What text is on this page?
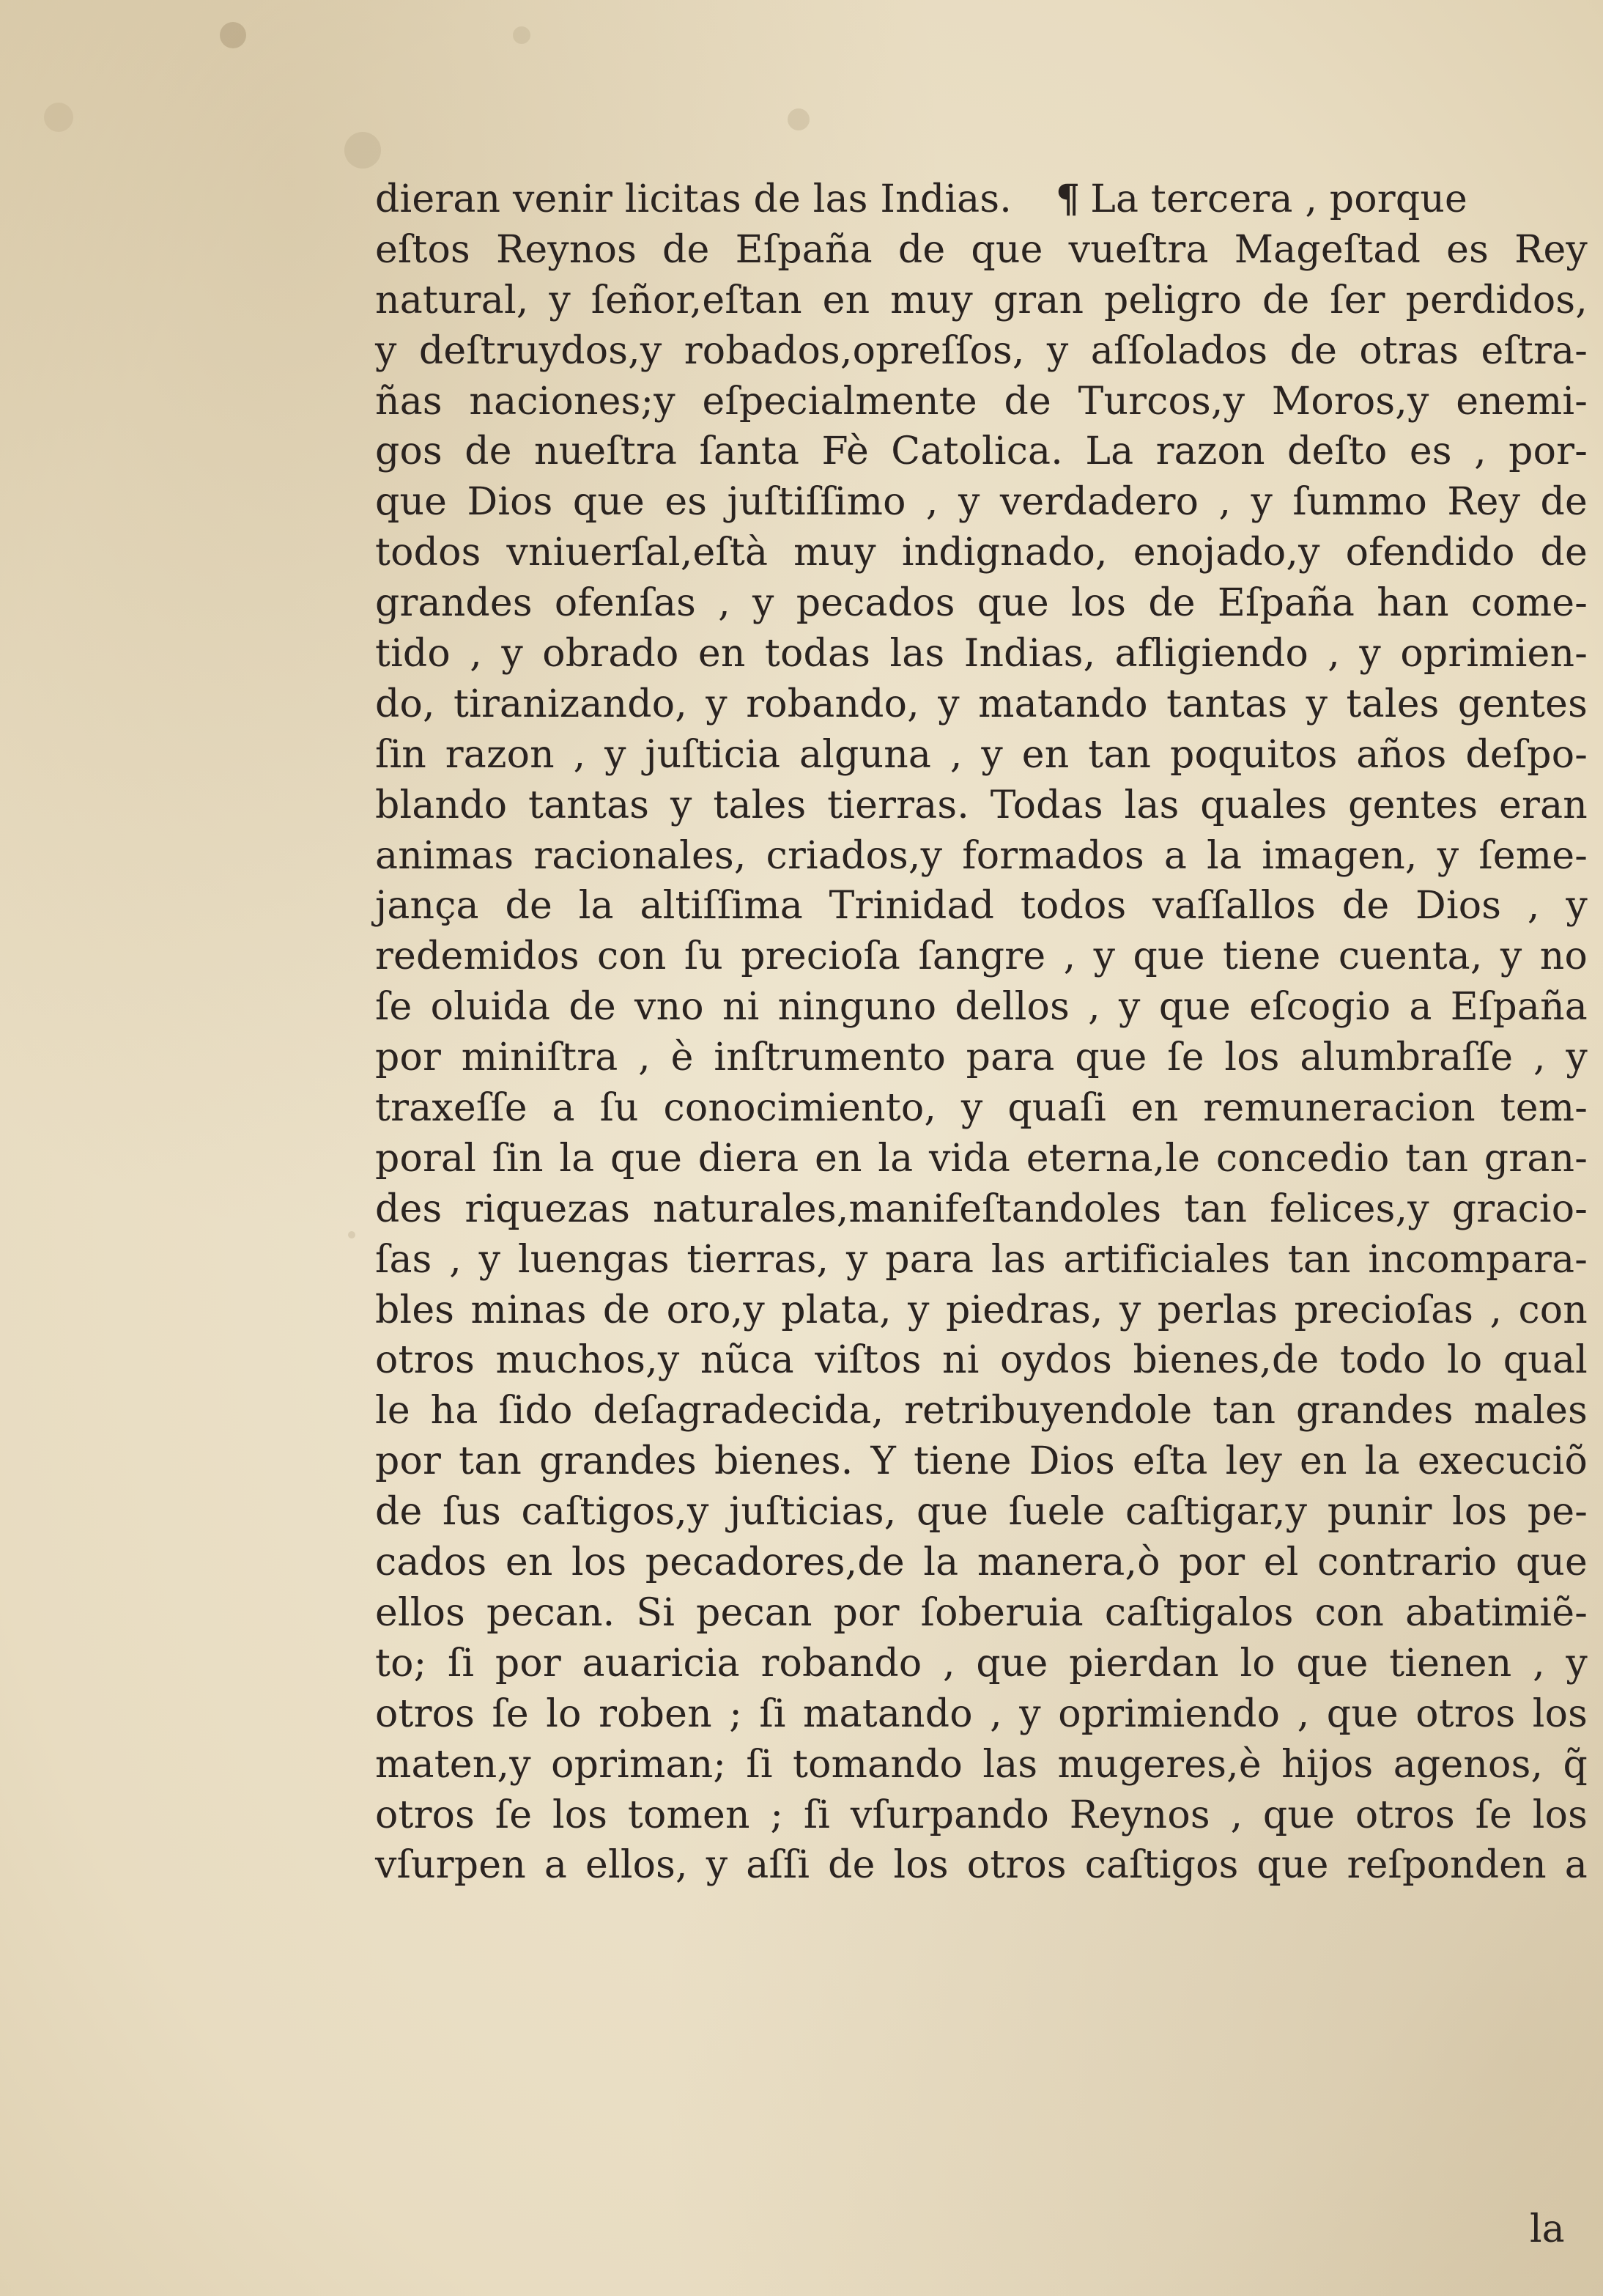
dieran venir licitas de las Indias. ¶ La tercera , porque
eſtos Reynos de Eſpaña de que vueſtra Mageſtad es Rey
natural, y ſeñor,eſtan en muy gran peligro de ſer perdidos,
y deſtruydos,y robados,opreſſos, y aſſolados de otras eſtra-
ñas naciones;y eſpecialmente de Turcos,y Moros,y enemi-
gos de nueſtra ſanta Fè Catolica. La razon deſto es , por-
que Dios que es juſtiſſimo , y verdadero , y ſummo Rey de
todos vniuerſal,eſtà muy indignado, enojado,y ofendido de
grandes ofenſas , y pecados que los de Eſpaña han come-
tido , y obrado en todas las Indias, afligiendo , y oprimien-
do, tiranizando, y robando, y matando tantas y tales gentes
ſin razon , y juſticia alguna , y en tan poquitos años deſpo-
blando tantas y tales tierras. Todas las quales gentes eran
animas racionales, criados,y formados a la imagen, y ſeme-
jança de la altiſſima Trinidad todos vaſſallos de Dios , y
redemidos con ſu precioſa ſangre , y que tiene cuenta, y no
ſe oluida de vno ni ninguno dellos , y que eſcogio a Eſpaña
por miniſtra , è inſtrumento para que ſe los alumbraſſe , y
traxeſſe a ſu conocimiento, y quaſi en remuneracion tem-
poral ſin la que diera en la vida eterna,le concedio tan gran-
des riquezas naturales,manifeſtandoles tan felices,y gracio-
ſas , y luengas tierras, y para las artificiales tan incompara-
bles minas de oro,y plata, y piedras, y perlas precioſas , con
otros muchos,y nũca viſtos ni oydos bienes,de todo lo qual
le ha ſido deſagradecida, retribuyendole tan grandes males
por tan grandes bienes. Y tiene Dios eſta ley en la execuciõ
de ſus caſtigos,y juſticias, que ſuele caſtigar,y punir los pe-
cados en los pecadores,de la manera,ò por el contrario que
ellos pecan. Si pecan por ſoberuia caſtigalos con abatimiẽ-
to; ſi por auaricia robando , que pierdan lo que tienen , y
otros ſe lo roben ; ſi matando , y oprimiendo , que otros los
maten,y opriman; ſi tomando las mugeres,è hijos agenos, q̃
otros ſe los tomen ; ſi vſurpando Reynos , que otros ſe los
vſurpen a ellos, y aſſi de los otros caſtigos que reſponden a
la
